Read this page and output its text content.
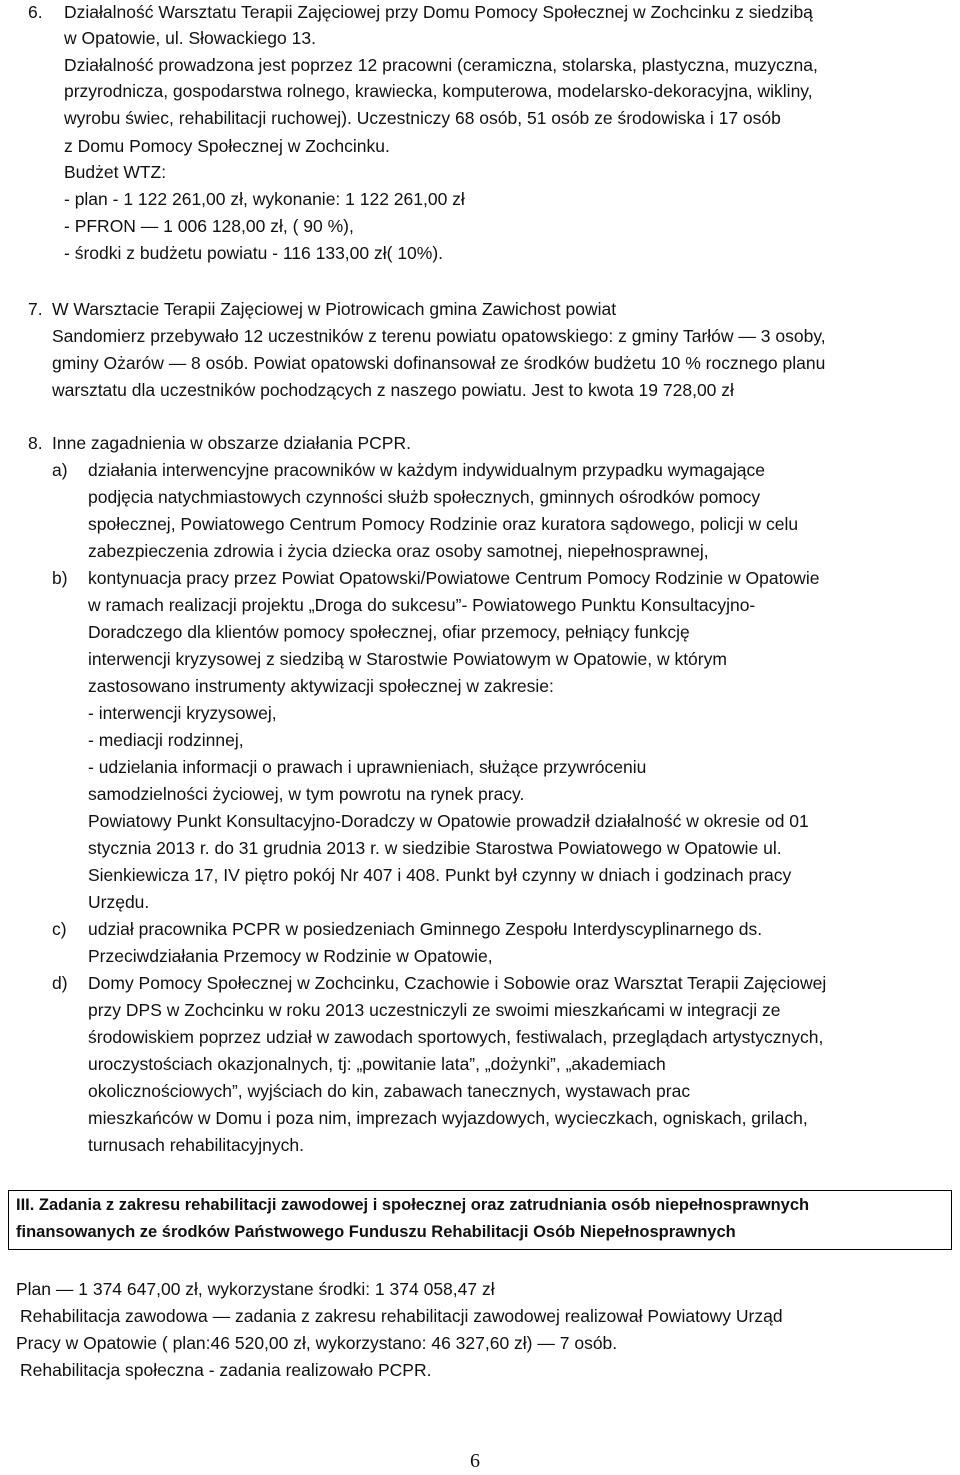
6. Działalność Warsztatu Terapii Zajęciowej przy Domu Pomocy Społecznej w Zochcinku z siedzibą
w Opatowie, ul. Słowackiego 13.
Działalność prowadzona jest poprzez 12 pracowni (ceramiczna, stolarska, plastyczna, muzyczna,
przyrodnicza, gospodarstwa rolnego, krawiecka, komputerowa, modelarsko-dekoracyjna, wikliny,
wyrobu świec, rehabilitacji ruchowej). Uczestniczy 68 osób, 51 osób ze środowiska i 17 osób
z Domu Pomocy Społecznej w Zochcinku.
Budżet WTZ:
- plan - 1 122 261,00 zł, wykonanie: 1 122 261,00 zł
- PFRON — 1 006 128,00 zł, ( 90 %),
- środki z budżetu powiatu - 116 133,00 zł( 10%).
7. W Warsztacie Terapii Zajęciowej w Piotrowicach gmina Zawichost powiat
Sandomierz przebywało 12 uczestników z terenu powiatu opatowskiego: z gminy Tarłów — 3 osoby,
gminy Ożarów — 8 osób. Powiat opatowski dofinansował ze środków budżetu 10 % rocznego planu
warsztatu dla uczestników pochodzących z naszego powiatu. Jest to kwota 19 728,00 zł
8. Inne zagadnienia w obszarze działania PCPR.
a) działania interwencyjne pracowników w każdym indywidualnym przypadku wymagające
podjęcia natychmiastowych czynności służb społecznych, gminnych ośrodków pomocy
społecznej, Powiatowego Centrum Pomocy Rodzinie oraz kuratora sądowego, policji w celu
zabezpieczenia zdrowia i życia dziecka oraz osoby samotnej, niepełnosprawnej,
b) kontynuacja pracy przez Powiat Opatowski/Powiatowe Centrum Pomocy Rodzinie w Opatowie
w ramach realizacji projektu „Droga do sukcesu”- Powiatowego Punktu Konsultacyjno-
Doradczego dla klientów pomocy społecznej, ofiar przemocy, pełniący funkcję
interwencji kryzysowej z siedzibą w Starostwie Powiatowym w Opatowie, w którym
zastosowano instrumenty aktywizacji społecznej w zakresie:
- interwencji kryzysowej,
- mediacji rodzinnej,
- udzielania informacji o prawach i uprawnieniach, służące przywróceniu
samodzielności życiowej, w tym powrotu na rynek pracy.
Powiatowy Punkt Konsultacyjno-Doradczy w Opatowie prowadził działalność w okresie od 01
stycznia 2013 r. do 31 grudnia 2013 r. w siedzibie Starostwa Powiatowego w Opatowie ul.
Sienkiewicza 17, IV piętro pokój Nr 407 i 408. Punkt był czynny w dniach i godzinach pracy
Urzędu.
c) udział pracownika PCPR w posiedzeniach Gminnego Zespołu Interdyscyplinarnego ds.
Przeciwdziałania Przemocy w Rodzinie w Opatowie,
d) Domy Pomocy Społecznej w Zochcinku, Czachowie i Sobowie oraz Warsztat Terapii Zajęciowej
przy DPS w Zochcinku w roku 2013 uczestniczyli ze swoimi mieszkańcami w integracji ze
środowiskiem poprzez udział w zawodach sportowych, festiwalach, przeglądach artystycznych,
uroczystościach okazjonalnych, tj: „powitanie lata”, „dożynki”, „akademiach
okolicznościowych”, wyjściach do kin, zabawach tanecznych, wystawach prac
mieszkańców w Domu i poza nim, imprezach wyjazdowych, wycieczkach, ogniskach, grilach,
turnusach rehabilitacyjnych.
III. Zadania z zakresu rehabilitacji zawodowej i społecznej oraz zatrudniania osób niepełnosprawnych
finansowanych ze środków Państwowego Funduszu Rehabilitacji Osób Niepełnosprawnych
Plan — 1 374 647,00 zł, wykorzystane środki: 1 374 058,47 zł
Rehabilitacja zawodowa — zadania z zakresu rehabilitacji zawodowej realizował Powiatowy Urząd
Pracy w Opatowie ( plan:46 520,00 zł, wykorzystano: 46 327,60 zł) — 7 osób.
Rehabilitacja społeczna - zadania realizowało PCPR.
6
